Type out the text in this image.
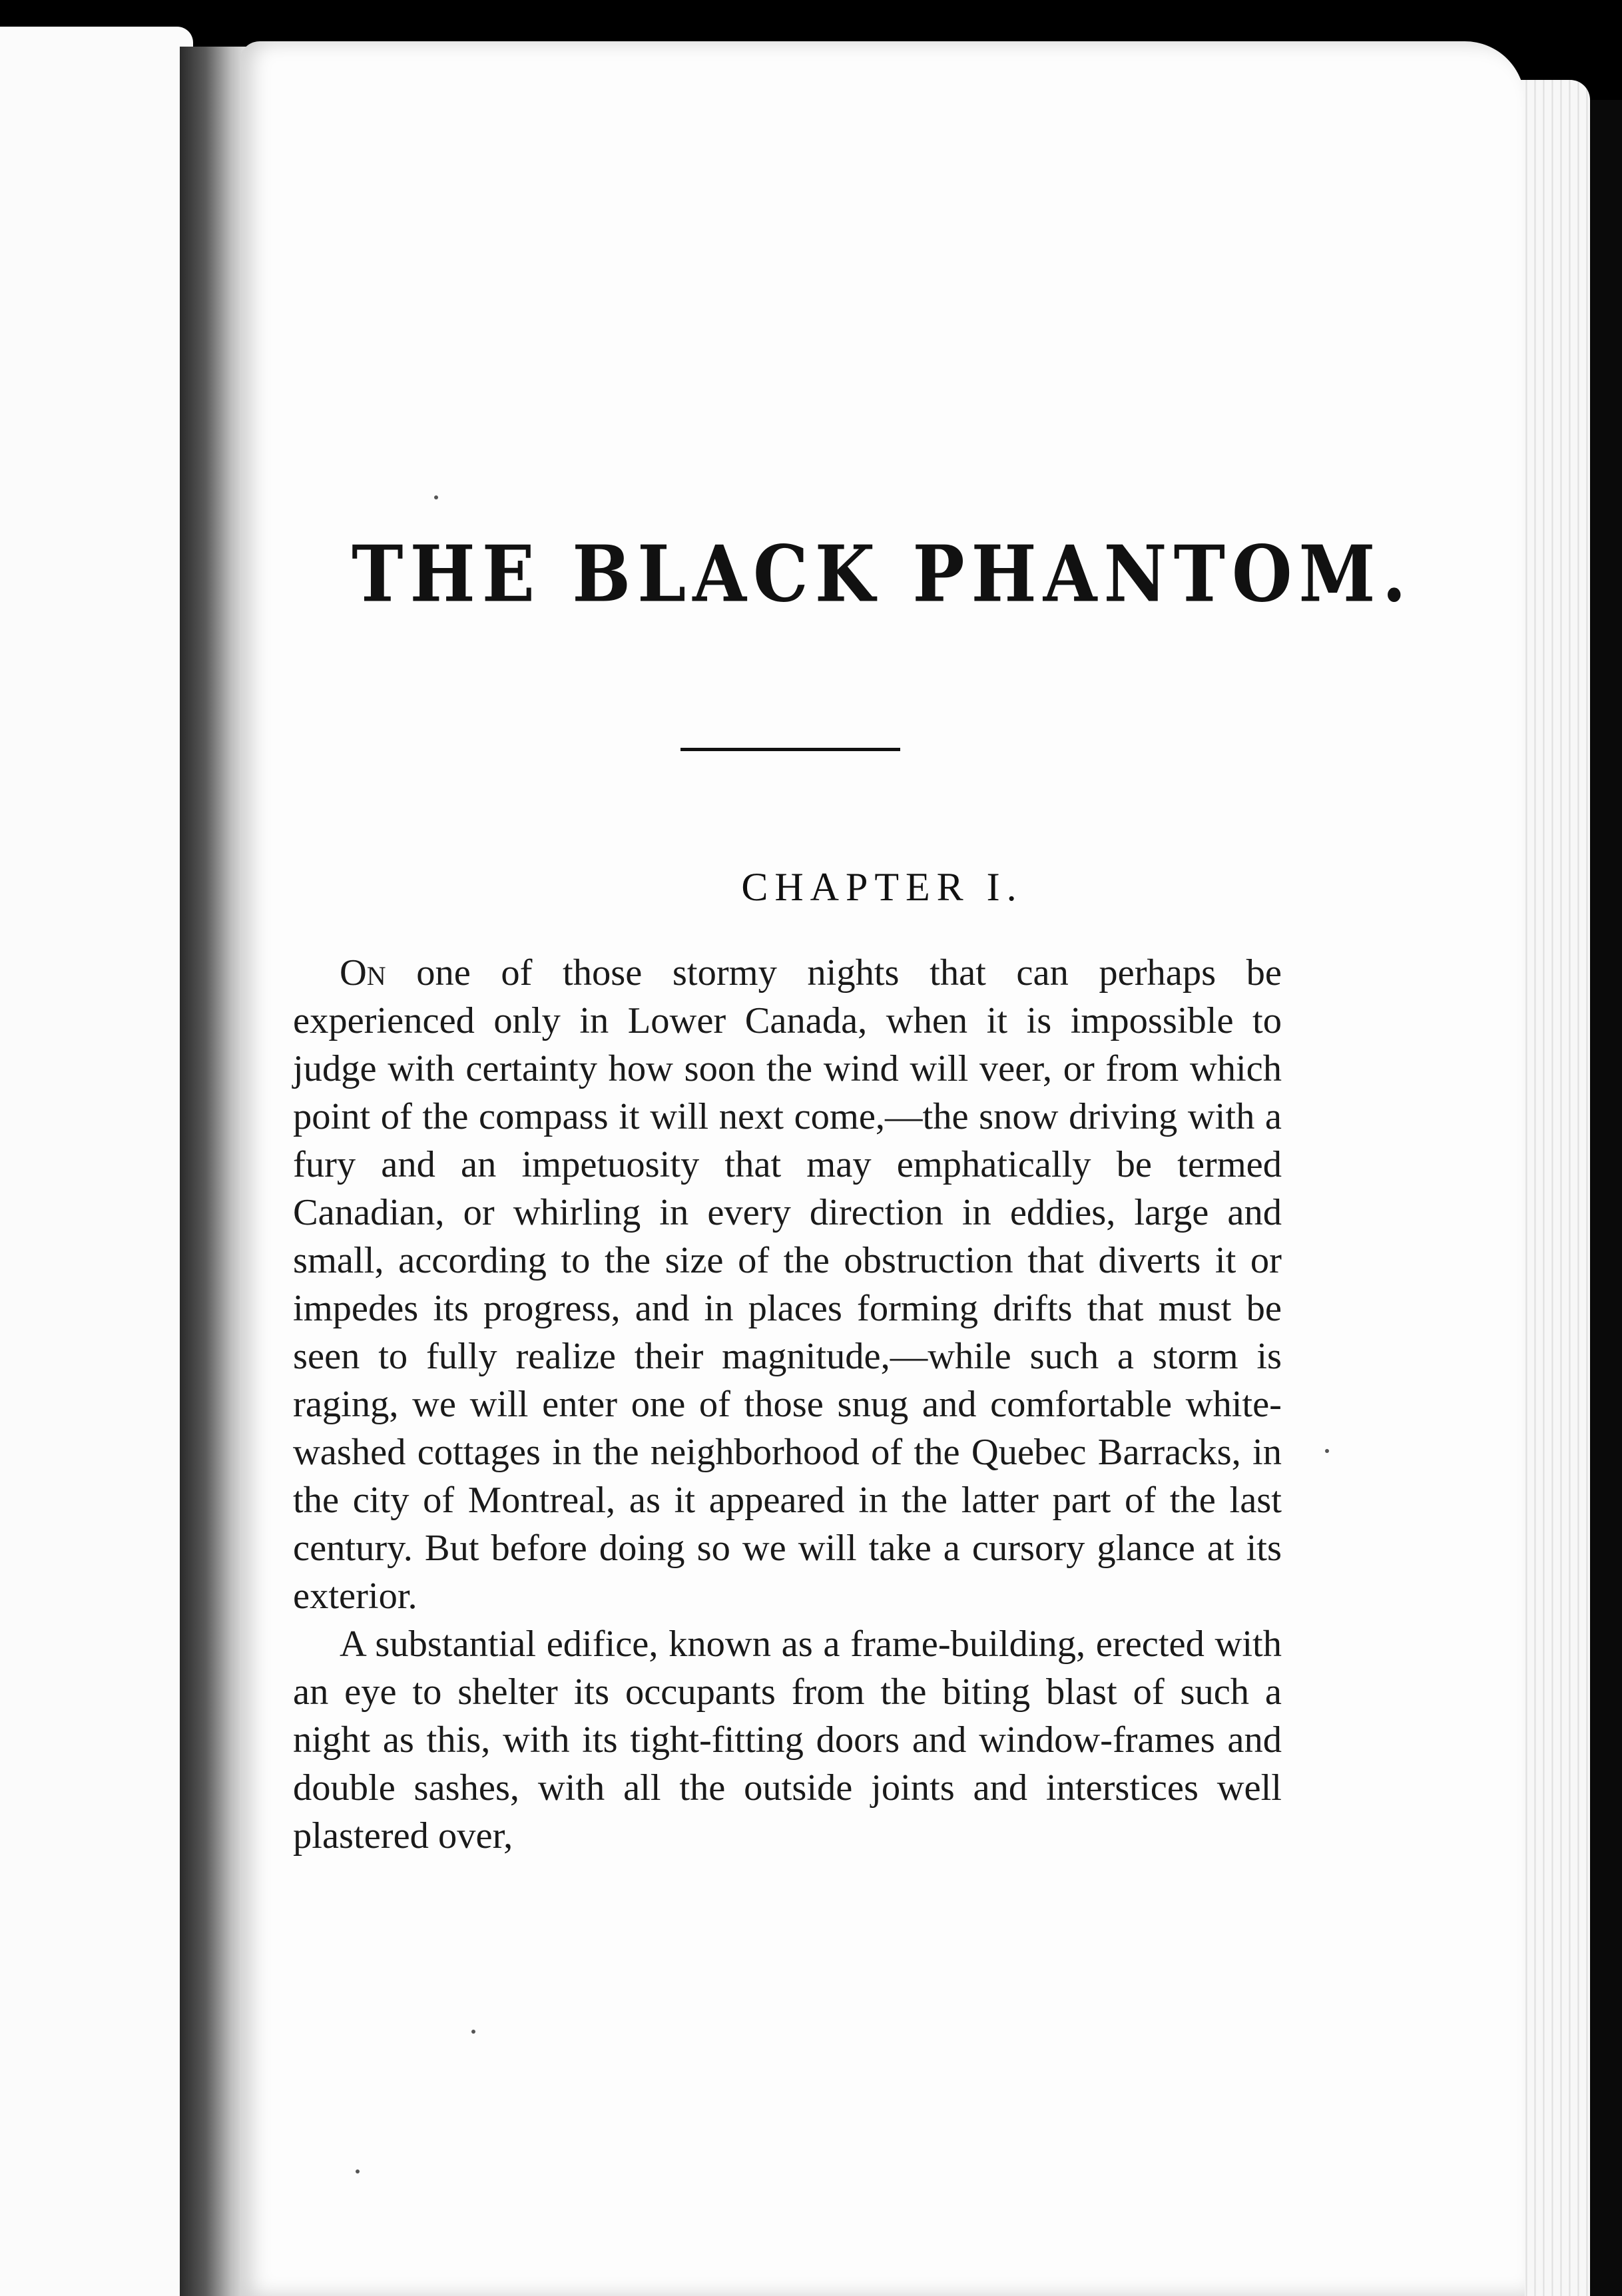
THE BLACK PHANTOM.
CHAPTER I.

On one of those stormy nights that can perhaps be experienced only in Lower Canada, when it is impossible to judge with certainty how soon the wind will veer, or from which point of the compass it will next come,—the snow driving with a fury and an impetuosity that may emphatically be termed Canadian, or whirling in every direction in eddies, large and small, according to the size of the obstruction that diverts it or impedes its progress, and in places forming drifts that must be seen to fully realize their magnitude,—while such a storm is raging, we will enter one of those snug and comfortable white-washed cottages in the neighborhood of the Quebec Barracks, in the city of Montreal, as it appeared in the latter part of the last century. But before doing so we will take a cursory glance at its exterior.

A substantial edifice, known as a frame-building, erected with an eye to shelter its occupants from the biting blast of such a night as this, with its tight-fitting doors and window-frames and double sashes, with all the outside joints and interstices well plastered over,
